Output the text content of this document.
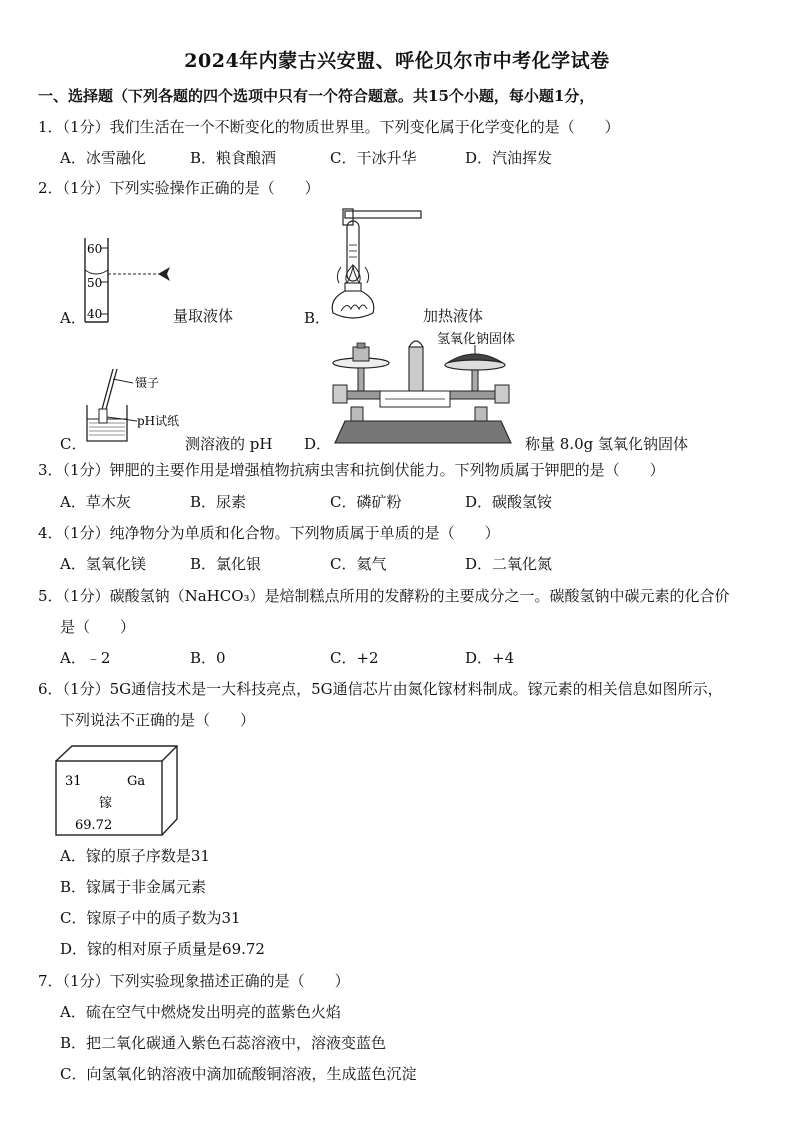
2024年内蒙古兴安盟、呼伦贝尔市中考化学试卷
一、选择题（下列各题的四个选项中只有一个符合题意。共15个小题，每小题1分，
1．（1分）我们生活在一个不断变化的物质世界里。下列变化属于化学变化的是（　　）
A．冰雪融化	B．粮食酿酒	C．干冰升华	D．汽油挥发
2．（1分）下列实验操作正确的是（　　）
60
50
40
A．	量取液体	B．	加热液体
镊子
pH试纸
C．	测溶液的 pH
氢氧化钠固体
D．	称量 8.0g 氢氧化钠固体
3．（1分）钾肥的主要作用是增强植物抗病虫害和抗倒伏能力。下列物质属于钾肥的是（　　）
A．草木灰	B．尿素	C．磷矿粉	D．碳酸氢铵
4．（1分）纯净物分为单质和化合物。下列物质属于单质的是（　　）
A．氢氧化镁	B．氯化银	C．氦气	D．二氧化氮
5．（1分）碳酸氢钠（NaHCO₃）是焙制糕点所用的发酵粉的主要成分之一。碳酸氢钠中碳元素的化合价
是（　　）
A．﹣2	B．0	C．+2	D．+4
6．（1分）5G通信技术是一大科技亮点，5G通信芯片由氮化镓材料制成。镓元素的相关信息如图所示，
下列说法不正确的是（　　）
31	Ga
镓
69.72
A．镓的原子序数是31
B．镓属于非金属元素
C．镓原子中的质子数为31
D．镓的相对原子质量是69.72
7．（1分）下列实验现象描述正确的是（　　）
A．硫在空气中燃烧发出明亮的蓝紫色火焰
B．把二氧化碳通入紫色石蕊溶液中，溶液变蓝色
C．向氢氧化钠溶液中滴加硫酸铜溶液，生成蓝色沉淀
